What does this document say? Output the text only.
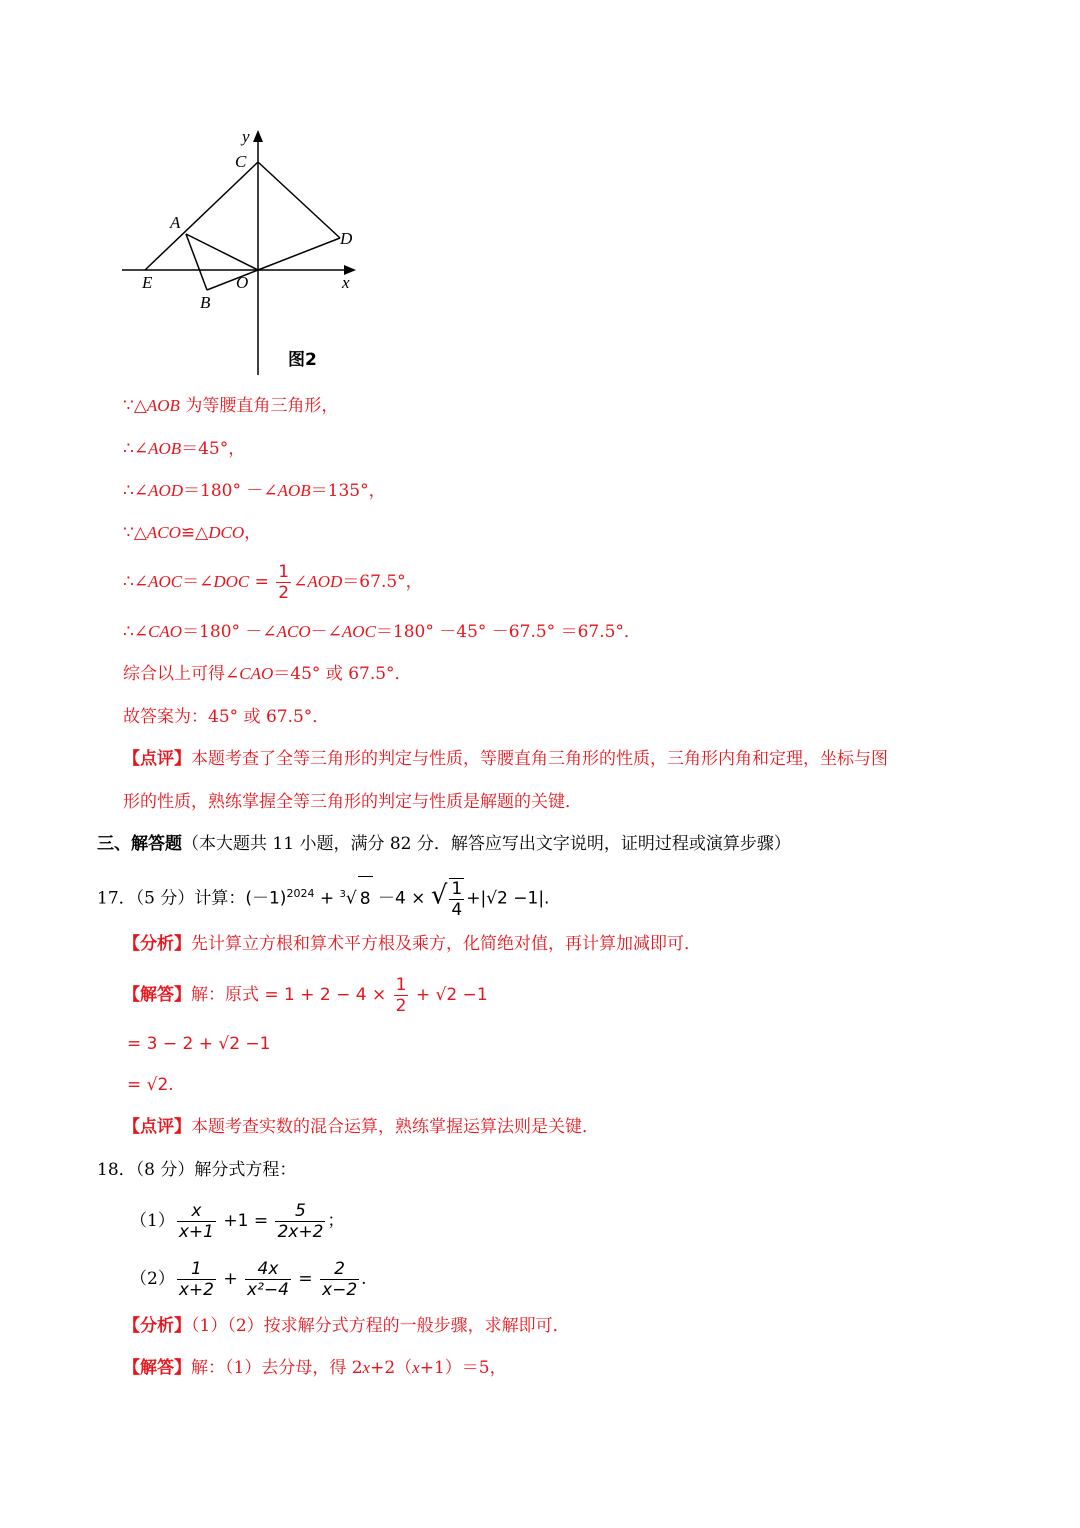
y
C
A
D
E	O	x
B
图2
∵△AOB 为等腰直角三角形，
∴∠AOB＝45°，
∴∠AOD＝180° －∠AOB＝135°，
∵△ACO≌△DCO，
∴∠AOC＝∠DOC = $\frac{1}{2}$ ∠AOD＝67.5°，
∴∠CAO＝180° －∠ACO－∠AOC＝180° －45° －67.5° ＝67.5°．
综合以上可得∠CAO＝45° 或 67.5°．
故答案为：45° 或 67.5°．
【点评】本题考查了全等三角形的判定与性质，等腰直角三角形的性质，三角形内角和定理，坐标与图
形的性质，熟练掌握全等三角形的判定与性质是解题的关键．
三、解答题（本大题共 11 小题，满分 82 分．解答应写出文字说明，证明过程或演算步骤）
17．（5 分）计算：$(-1)^{2024} + ^3√$ 8 －4 × √ $\frac{1}{4} +|√2 -1|$.
【分析】先计算立方根和算术平方根及乘方，化简绝对值，再计算加减即可．
【解答】解：原式 = $1 + 2 - 4 \times \frac{1}{2} + √2 -1$
= 3 − 2 + √2 −1
= √2.
【点评】本题考查实数的混合运算，熟练掌握运算法则是关键．
18．（8 分）解分式方程：
$(1) \frac{x}{x+1} +1 = \frac{5}{2x+2}$ ；
$(2) \frac{1}{x+2} + \frac{4x}{\text{x²−4}} = \frac{2}{x-2}$ .
【分析】（1）（2）按求解分式方程的一般步骤，求解即可．
【解答】解：（1）去分母，得 2x+2（x+1）＝5，
